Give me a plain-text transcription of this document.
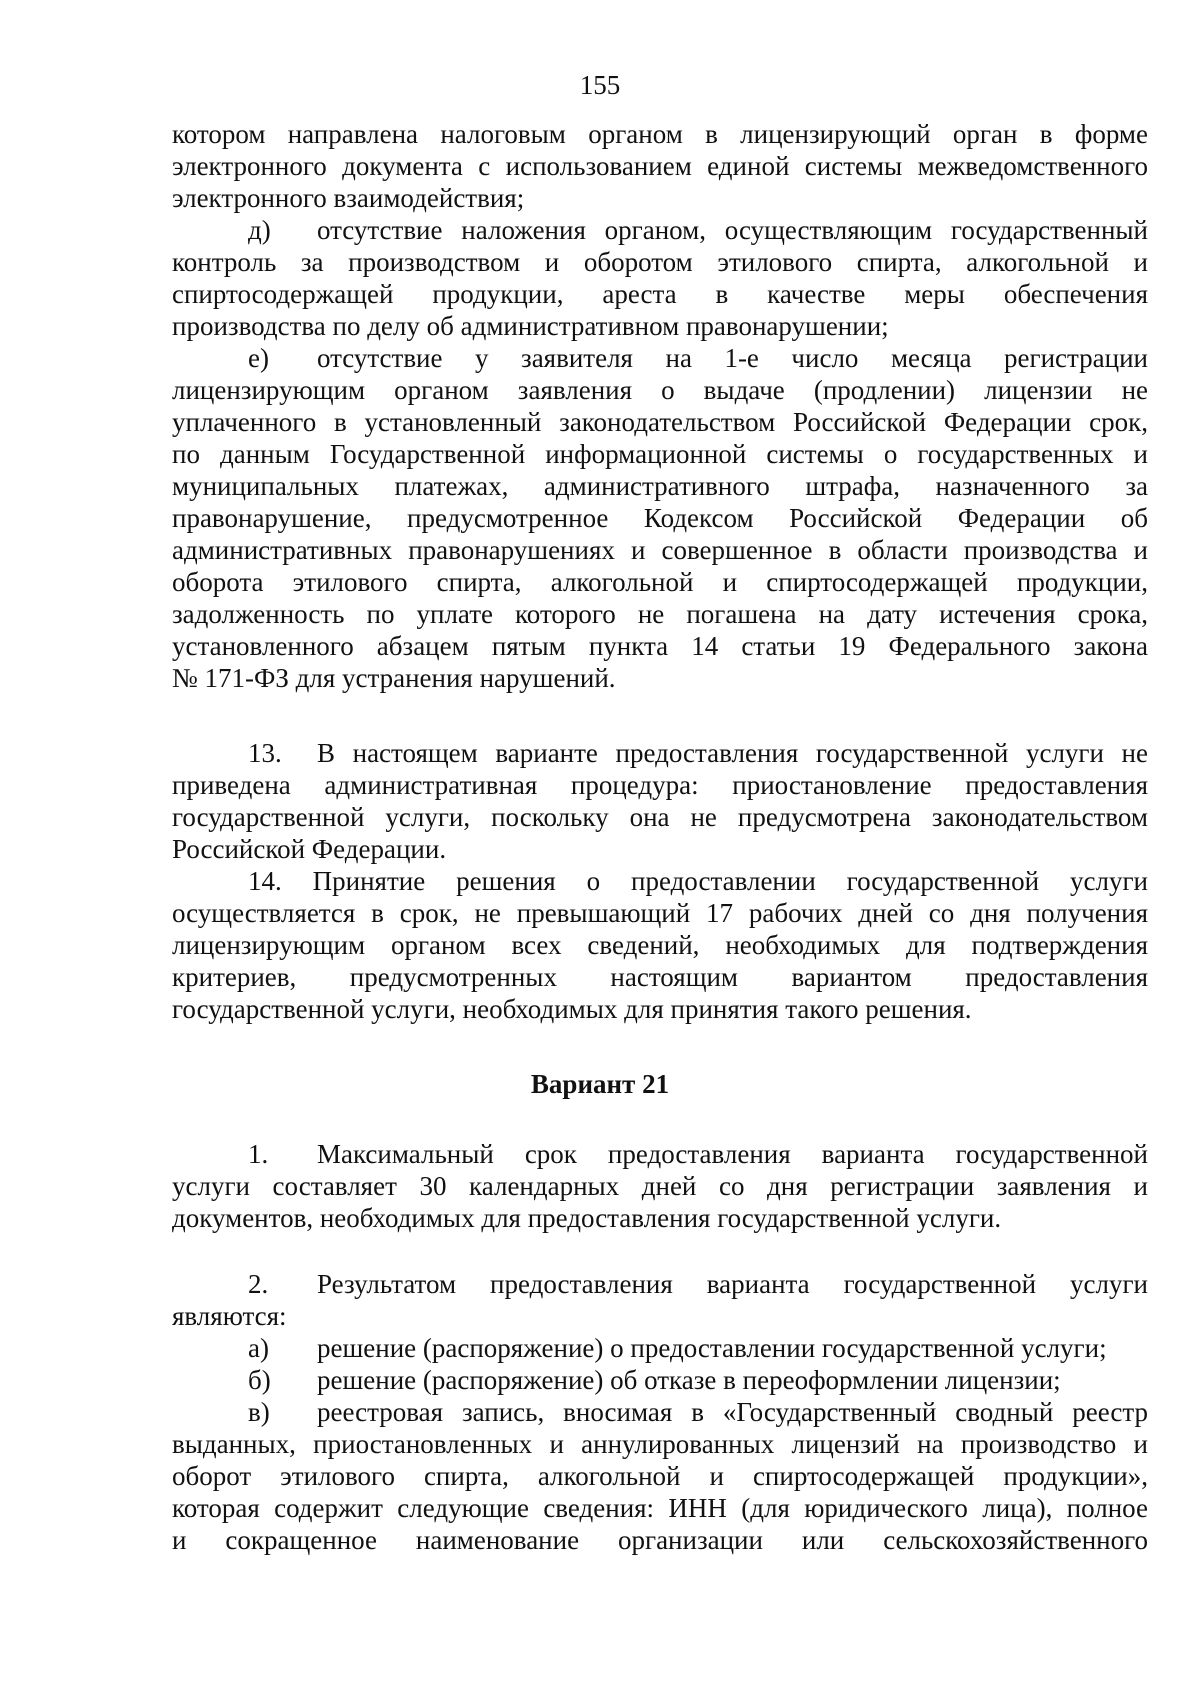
155
котором направлена налоговым органом в лицензирующий орган в форме
электронного документа с использованием единой системы межведомственного
электронного взаимодействия;
д)	отсутствие наложения органом, осуществляющим государственный
контроль за производством и оборотом этилового спирта, алкогольной и
спиртосодержащей продукции, ареста в качестве меры обеспечения
производства по делу об административном правонарушении;
е)	отсутствие у заявителя на 1-е число месяца регистрации
лицензирующим органом заявления о выдаче (продлении) лицензии не
уплаченного в установленный законодательством Российской Федерации срок,
по данным Государственной информационной системы о государственных и
муниципальных платежах, административного штрафа, назначенного за
правонарушение, предусмотренное Кодексом Российской Федерации об
административных правонарушениях и совершенное в области производства и
оборота этилового спирта, алкогольной и спиртосодержащей продукции,
задолженность по уплате которого не погашена на дату истечения срока,
установленного абзацем пятым пункта 14 статьи 19 Федерального закона
№ 171-ФЗ для устранения нарушений.
13.	В настоящем варианте предоставления государственной услуги не
приведена административная процедура: приостановление предоставления
государственной услуги, поскольку она не предусмотрена законодательством
Российской Федерации.
14. Принятие решения о предоставлении государственной услуги
осуществляется в срок, не превышающий 17 рабочих дней со дня получения
лицензирующим органом всех сведений, необходимых для подтверждения
критериев, предусмотренных настоящим вариантом предоставления
государственной услуги, необходимых для принятия такого решения.
Вариант 21
1.	Максимальный срок предоставления варианта государственной
услуги составляет 30 календарных дней со дня регистрации заявления и
документов, необходимых для предоставления государственной услуги.
2.	Результатом предоставления варианта государственной услуги
являются:
а)	решение (распоряжение) о предоставлении государственной услуги;
б)	решение (распоряжение) об отказе в переоформлении лицензии;
в)	реестровая запись, вносимая в «Государственный сводный реестр
выданных, приостановленных и аннулированных лицензий на производство и
оборот этилового спирта, алкогольной и спиртосодержащей продукции»,
которая содержит следующие сведения: ИНН (для юридического лица), полное
и сокращенное наименование организации или сельскохозяйственного
